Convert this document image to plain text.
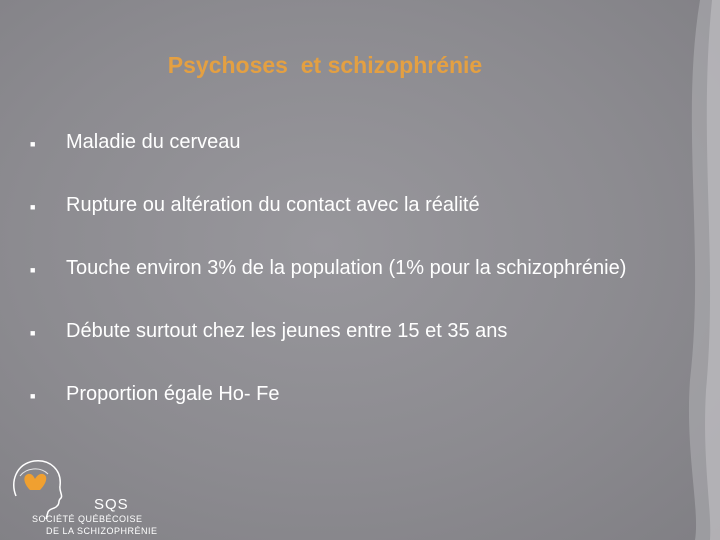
Psychoses  et schizophrénie
■	Maladie du cerveau
■	Rupture ou altération du contact avec la réalité
■	Touche environ 3% de la population (1% pour la schizophrénie)
■	Débute surtout chez les jeunes entre 15 et 35 ans
■	Proportion égale Ho- Fe
SQS
SOCIÉTÉ QUÉBÉCOISE
DE LA SCHIZOPHRÉNIE
